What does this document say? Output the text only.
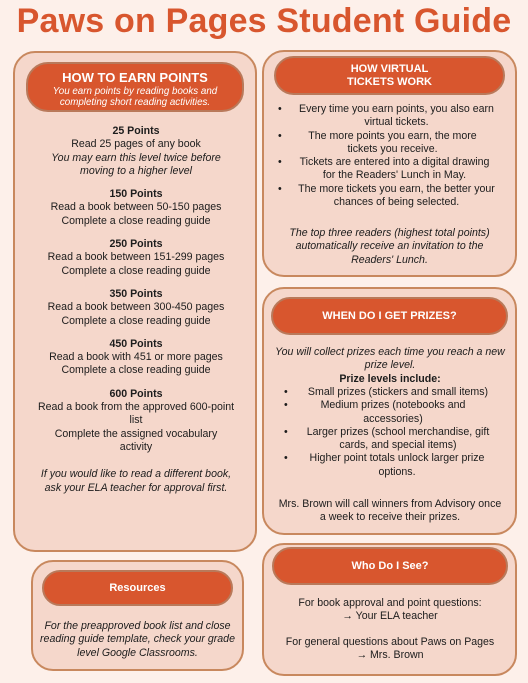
Paws on Pages Student Guide
HOW TO EARN POINTS
You earn points by reading books and completing short reading activities.
25 Points
Read 25 pages of any book
You may earn this level twice before moving to a higher level
150 Points
Read a book between 50-150 pages
Complete a close reading guide
250 Points
Read a book between 151-299 pages
Complete a close reading guide
350 Points
Read a book between 300-450 pages
Complete a close reading guide
450 Points
Read a book with 451 or more pages
Complete a close reading guide
600 Points
Read a book from the approved 600-point list
Complete the assigned vocabulary activity
If you would like to read a different book, ask your ELA teacher for approval first.
Resources
For the preapproved book list and close reading guide template, check your grade level Google Classrooms.
HOW VIRTUAL TICKETS WORK
• Every time you earn points, you also earn virtual tickets.
•	The more points you earn, the more tickets you receive.
• Tickets are entered into a digital drawing for the Readers' Lunch in May.
• The more tickets you earn, the better your chances of being selected.
The top three readers (highest total points) automatically receive an invitation to the Readers' Lunch.
WHEN DO I GET PRIZES?
You will collect prizes each time you reach a new prize level.
Prize levels include:
• Small prizes (stickers and small items)
•	Medium prizes (notebooks and accessories)
• Larger prizes (school merchandise, gift cards, and special items)
• Higher point totals unlock larger prize options.
Mrs. Brown will call winners from Advisory once a week to receive their prizes.
Who Do I See?
For book approval and point questions:
→ Your ELA teacher
For general questions about Paws on Pages
→ Mrs. Brown
